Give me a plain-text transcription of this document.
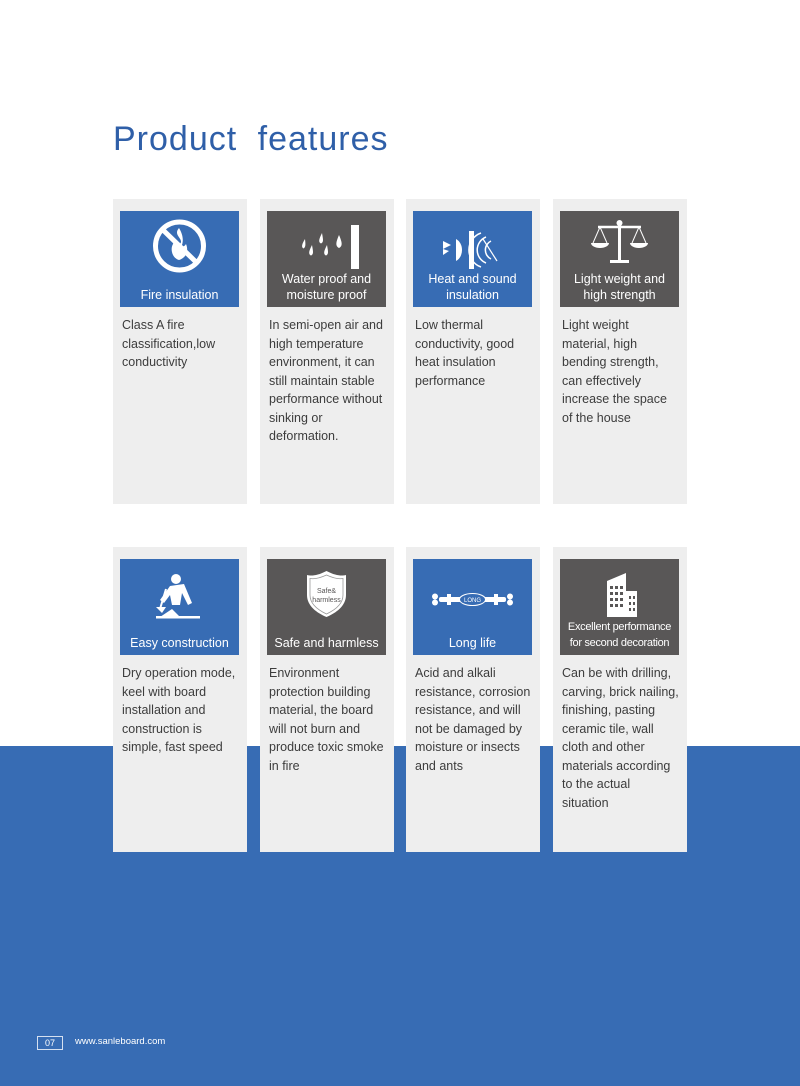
Product features
Fire insulation

Class A fire classification,low conductivity

Water proof and moisture proof

In semi-open air and high temperature environment, it can still maintain stable performance without sinking or deformation.

Heat and sound insulation

Low thermal conductivity, good heat insulation performance

Light weight and high strength

Light weight material, high bending strength, can effectively increase the space of the house

Easy construction

Dry operation mode, keel with board installation and construction is simple, fast speed

Safe&
harmless
Safe and harmless

Environment protection building material, the board will not burn and produce toxic smoke in fire

LONG
Long life

Acid and alkali resistance, corrosion resistance, and will not be damaged by moisture or insects and ants

Excellent performance for second decoration

Can be with drilling, carving, brick nailing, finishing, pasting ceramic tile, wall cloth and other materials according to the actual situation

07	www.sanleboard.com
